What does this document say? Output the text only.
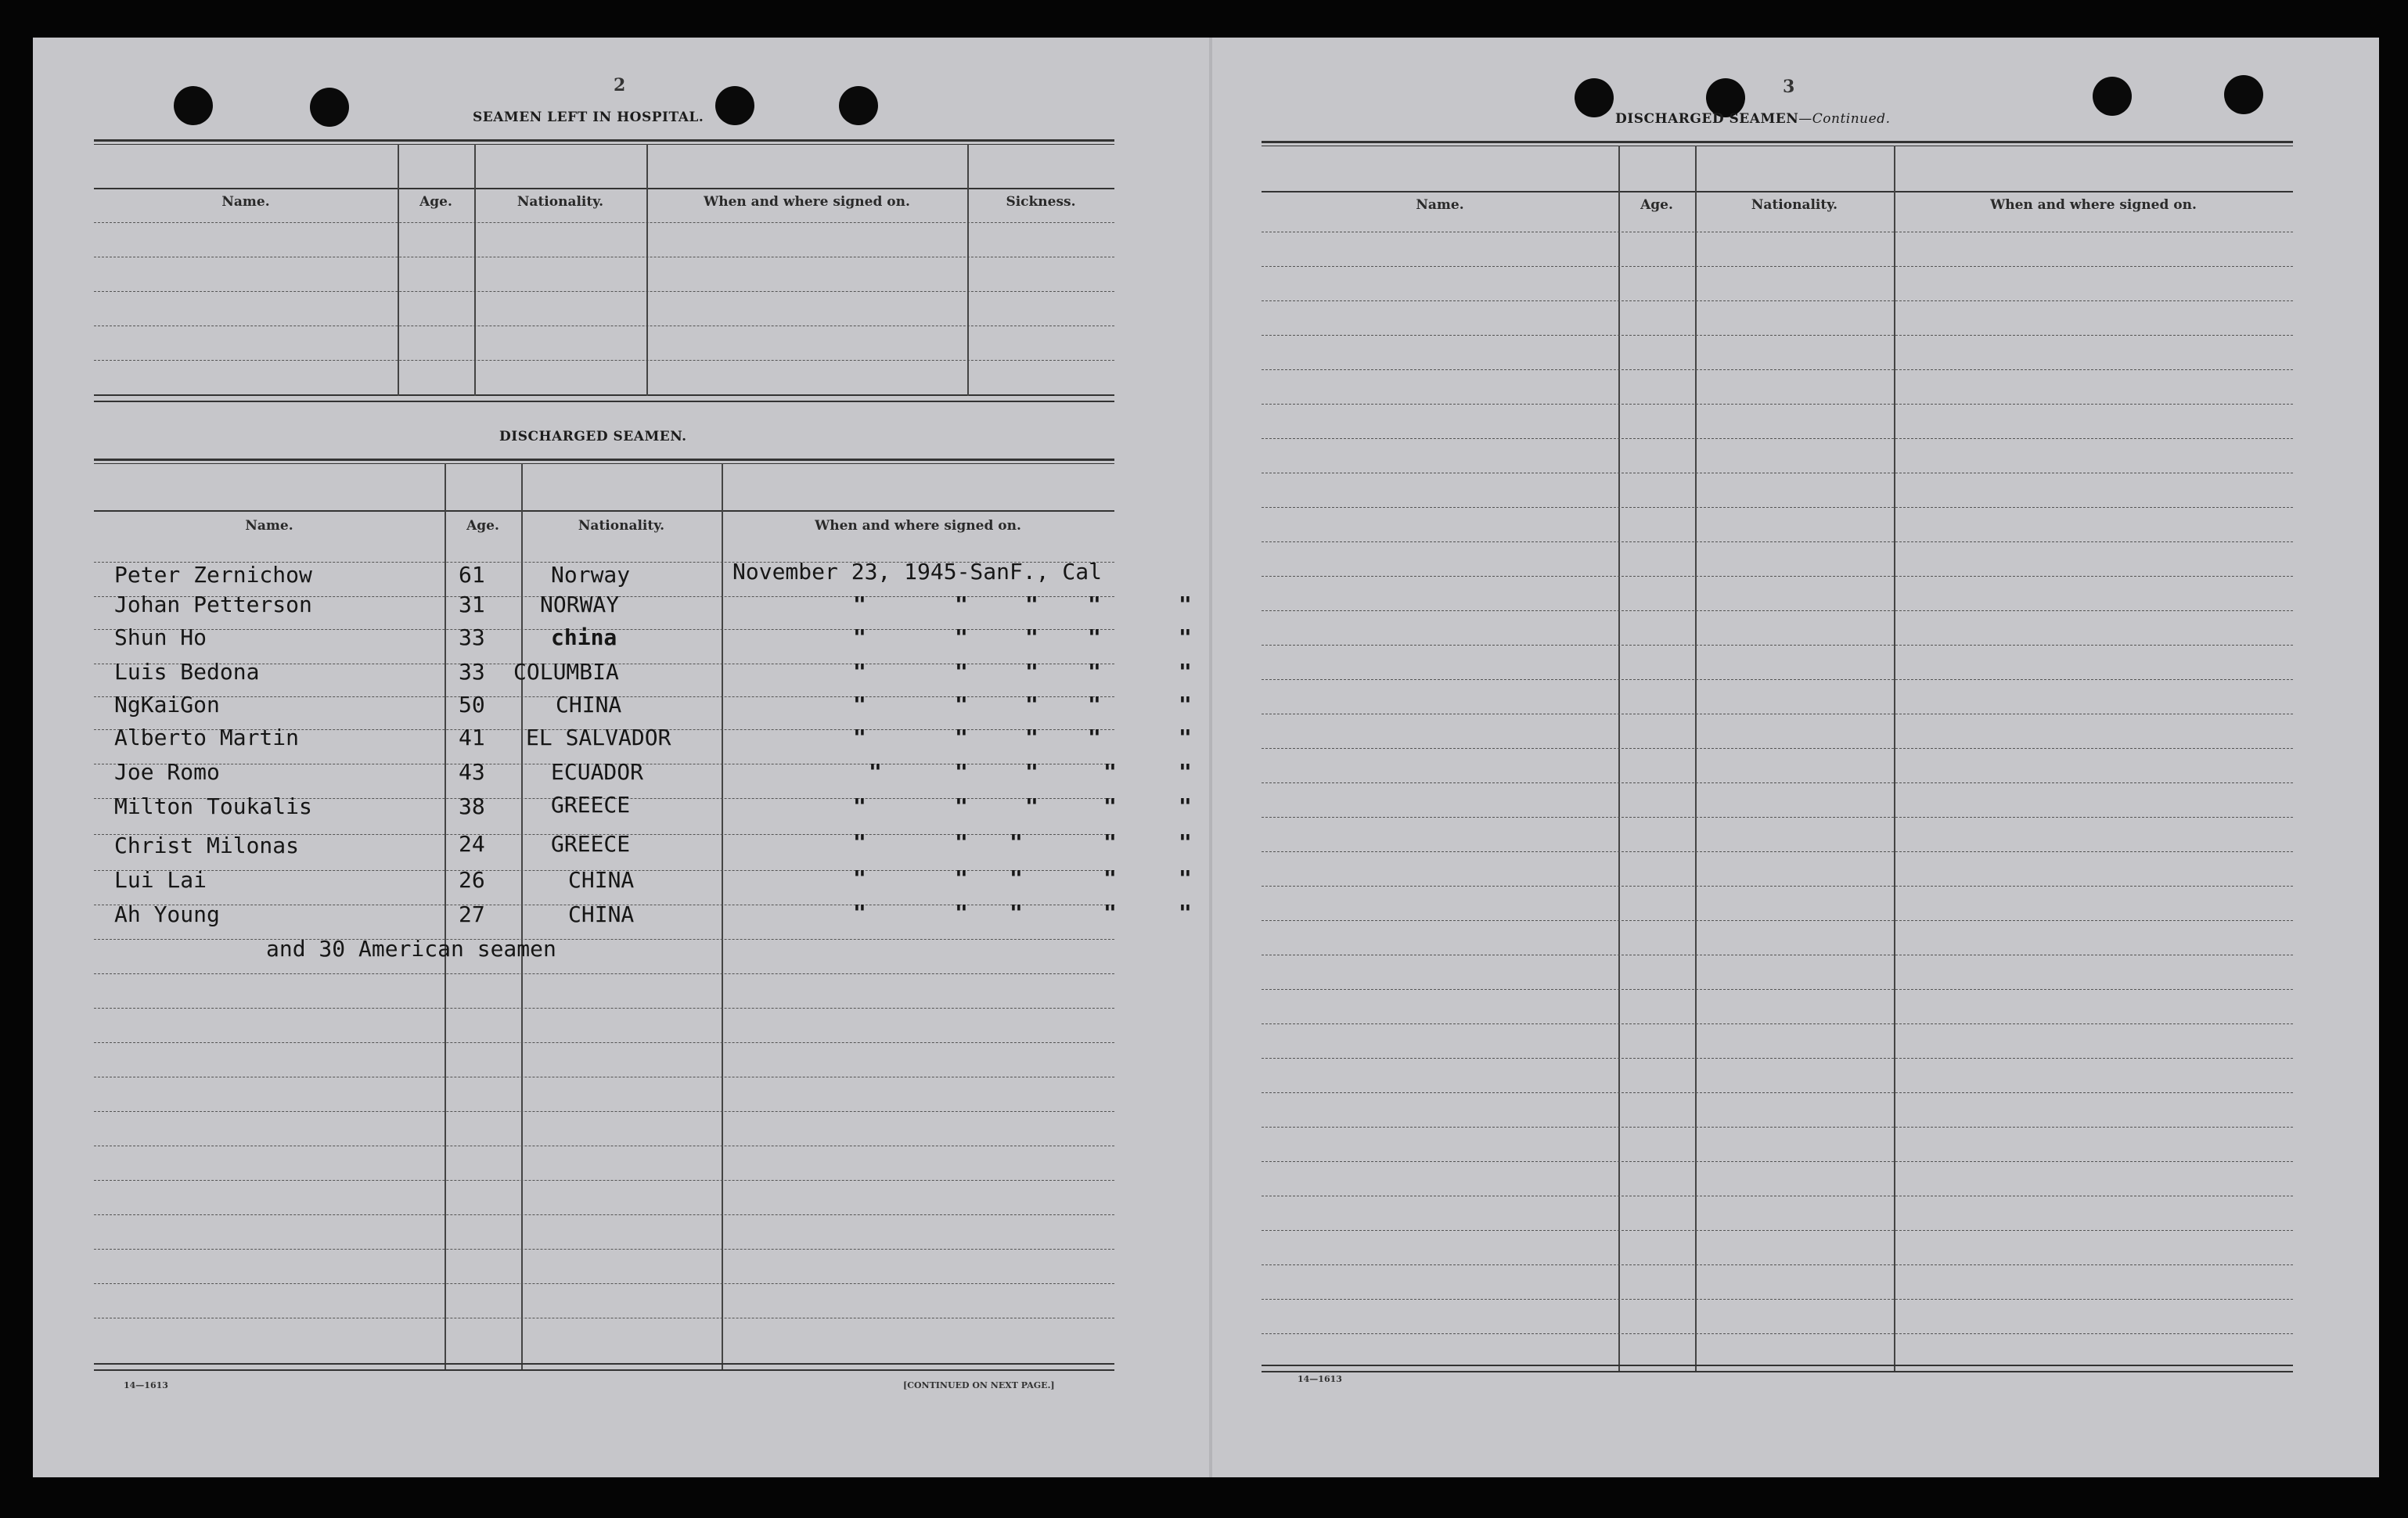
2
SEAMEN LEFT IN HOSPITAL.
Name.	Age.	Nationality.	When and where signed on.	Sickness.
DISCHARGED SEAMEN.
Name.	Age.	Nationality.	When and where signed on.
Peter Zernichow	61	Norway	November 23, 1945-SanF., Cal
Johan Petterson	31	NORWAY	"	"	" "	"
Shun Ho	33	china	"	"	" "	"
Luis Bedona	33 COLUMBIA	"	"	" "	"
NgKaiGon	50	CHINA	"	"	" "	"
Alberto Martin	41 EL SALVADOR	"	"	" "	"
Joe Romo	43	ECUADOR	"	"	"	"	"
Milton Toukalis	38	GREECE	"	"	"	"	"
Christ Milonas	24	GREECE	"	" "	"	"
Lui Lai	26	CHINA	"	" "	"	"
Ah Young	27	CHINA	"	" "	"	"
and 30 American seamen
14—1613	[CONTINUED ON NEXT PAGE.]
3
DISCHARGED SEAMEN—Continued.
Name.	Age.	Nationality.	When and where signed on.
14—1613
